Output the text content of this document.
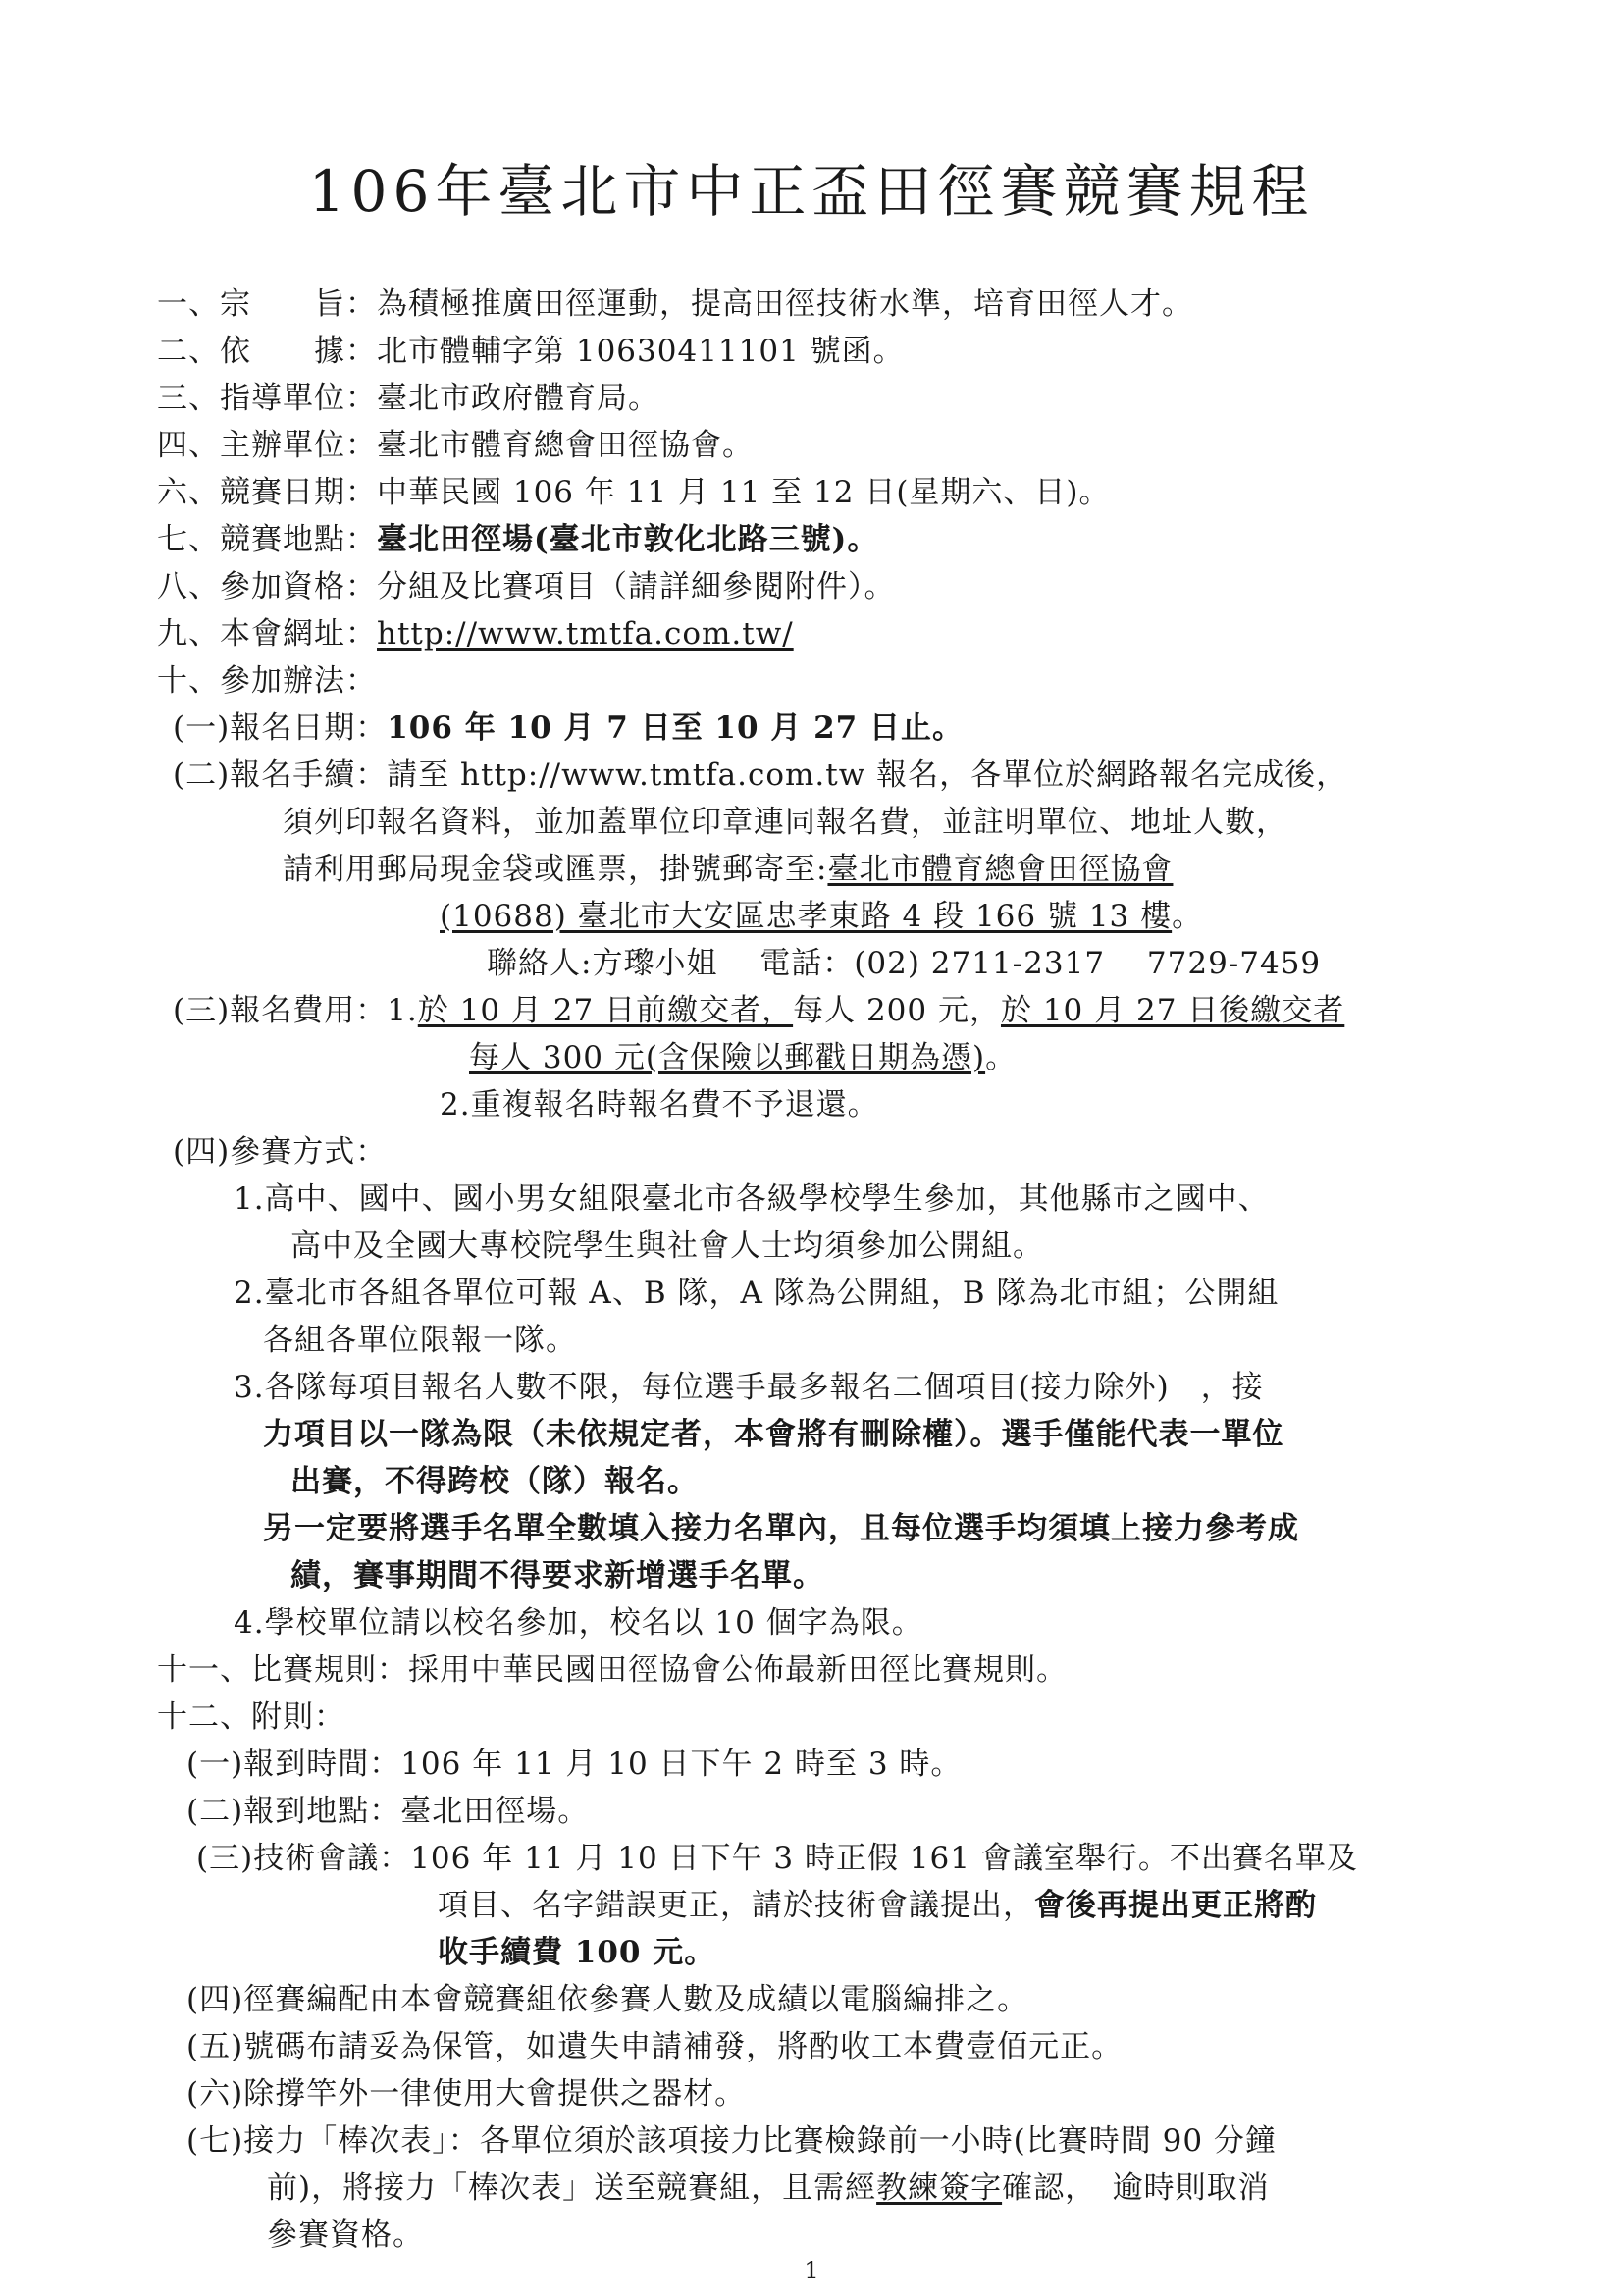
106年臺北市中正盃田徑賽競賽規程
一、宗　　旨：為積極推廣田徑運動，提高田徑技術水準，培育田徑人才。
二、依　　據：北市體輔字第 10630411101 號函。
三、指導單位：臺北市政府體育局。
四、主辦單位：臺北市體育總會田徑協會。
六、競賽日期：中華民國 106 年 11 月 11 至 12 日(星期六、日)。
七、競賽地點：臺北田徑場(臺北市敦化北路三號)。
八、參加資格：分組及比賽項目（請詳細參閱附件）。
九、本會網址：http://www.tmtfa.com.tw/
十、參加辦法：
(一)報名日期：106 年 10 月 7 日至 10 月 27 日止。
(二)報名手續：請至 http://www.tmtfa.com.tw 報名，各單位於網路報名完成後，
須列印報名資料，並加蓋單位印章連同報名費，並註明單位、地址人數，
請利用郵局現金袋或匯票，掛號郵寄至:臺北市體育總會田徑協會
(10688) 臺北市大安區忠孝東路 4 段 166 號 13 樓。
聯絡人:方瓈小姐　 電話：(02) 2711-2317　 7729-7459
(三)報名費用：1.於 10 月 27 日前繳交者，每人 200 元，於 10 月 27 日後繳交者
每人 300 元(含保險以郵戳日期為憑)。
2.重複報名時報名費不予退還。
(四)參賽方式：
1.高中、國中、國小男女組限臺北市各級學校學生參加，其他縣市之國中、
高中及全國大專校院學生與社會人士均須參加公開組。
2.臺北市各組各單位可報 A、B 隊，A 隊為公開組，B 隊為北市組；公開組
各組各單位限報一隊。
3.各隊每項目報名人數不限，每位選手最多報名二個項目(接力除外)　，接
力項目以一隊為限（未依規定者，本會將有刪除權）。選手僅能代表一單位
出賽，不得跨校（隊）報名。
另一定要將選手名單全數填入接力名單內，且每位選手均須填上接力參考成
績，賽事期間不得要求新增選手名單。
4.學校單位請以校名參加，校名以 10 個字為限。
十一、比賽規則：採用中華民國田徑協會公佈最新田徑比賽規則。
十二、附則：
(一)報到時間：106 年 11 月 10 日下午 2 時至 3 時。
(二)報到地點：臺北田徑場。
(三)技術會議：106 年 11 月 10 日下午 3 時正假 161 會議室舉行。不出賽名單及
項目、名字錯誤更正，請於技術會議提出，會後再提出更正將酌
收手續費 100 元。
(四)徑賽編配由本會競賽組依參賽人數及成績以電腦編排之。
(五)號碼布請妥為保管，如遺失申請補發，將酌收工本費壹佰元正。
(六)除撐竿外一律使用大會提供之器材。
(七)接力「棒次表」：各單位須於該項接力比賽檢錄前一小時(比賽時間 90 分鐘
前)，將接力「棒次表」送至競賽組，且需經教練簽字確認，　逾時則取消
參賽資格。
1
